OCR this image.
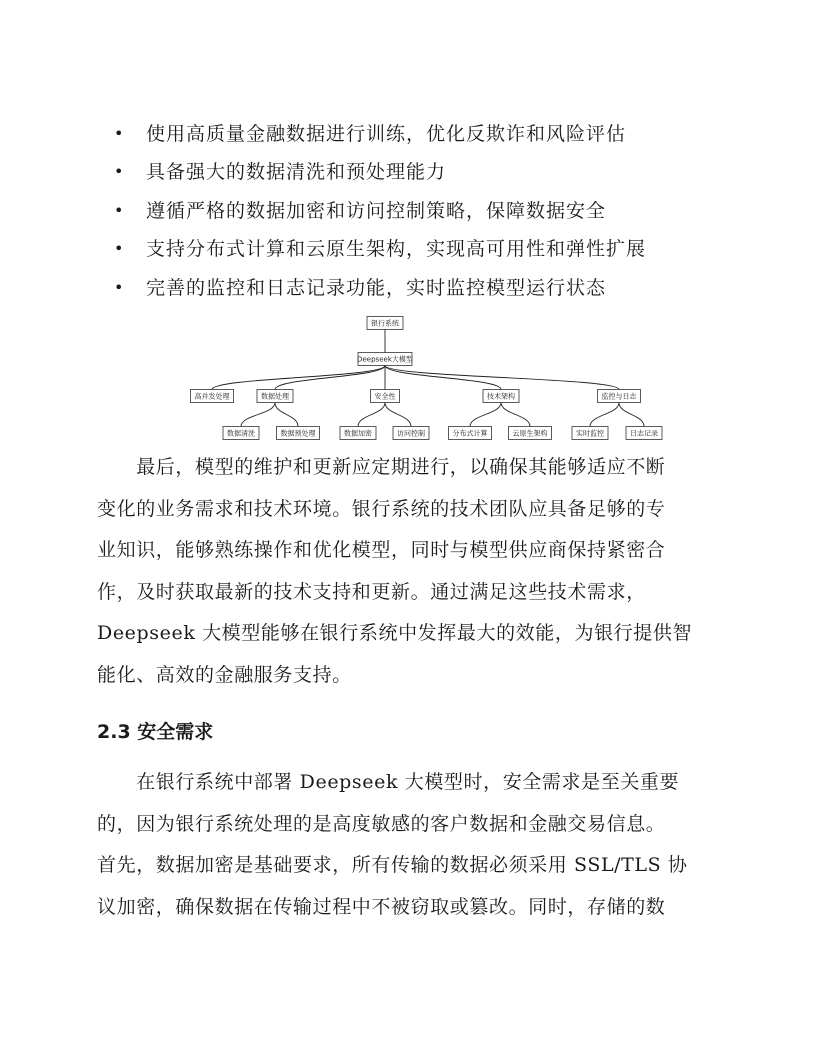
• 使用高质量金融数据进行训练，优化反欺诈和风险评估
• 具备强大的数据清洗和预处理能力
• 遵循严格的数据加密和访问控制策略，保障数据安全
• 支持分布式计算和云原生架构，实现高可用性和弹性扩展
• 完善的监控和日志记录功能，实时监控模型运行状态
银行系统
Deepseek大模型
高并发处理	数据处理	安全性	技术架构	监控与日志
数据清洗	数据预处理	数据加密	访问控制	分布式计算	云原生架构	实时监控	日志记录
　　最后，模型的维护和更新应定期进行，以确保其能够适应不断
变化的业务需求和技术环境。银行系统的技术团队应具备足够的专
业知识，能够熟练操作和优化模型，同时与模型供应商保持紧密合
作，及时获取最新的技术支持和更新。通过满足这些技术需求，
Deepseek 大模型能够在银行系统中发挥最大的效能，为银行提供智
能化、高效的金融服务支持。
2.3 安全需求
　　在银行系统中部署 Deepseek 大模型时，安全需求是至关重要
的，因为银行系统处理的是高度敏感的客户数据和金融交易信息。
首先，数据加密是基础要求，所有传输的数据必须采用 SSL/TLS 协
议加密，确保数据在传输过程中不被窃取或篡改。同时，存储的数
